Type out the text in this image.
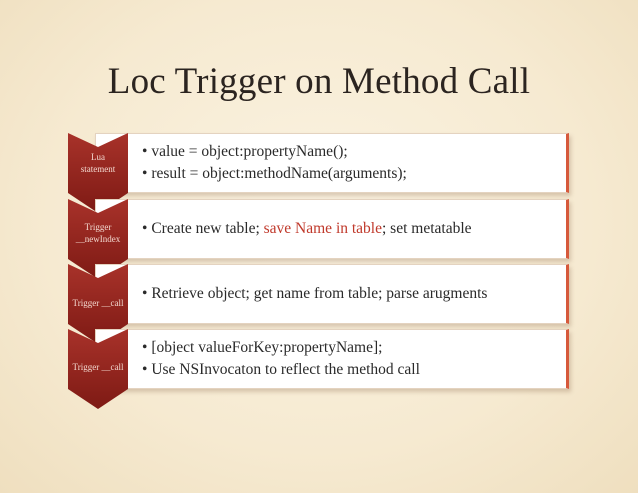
Loc Trigger on Method Call
• value = object:propertyName();
• result = object:methodName(arguments);
Lua
statement
• Create new table; save Name in table; set metatable
Trigger
__newIndex
• Retrieve object; get name from table; parse arugments
Trigger __call
• [object valueForKey:propertyName];
• Use NSInvocaton to reflect the method call
Trigger __call
